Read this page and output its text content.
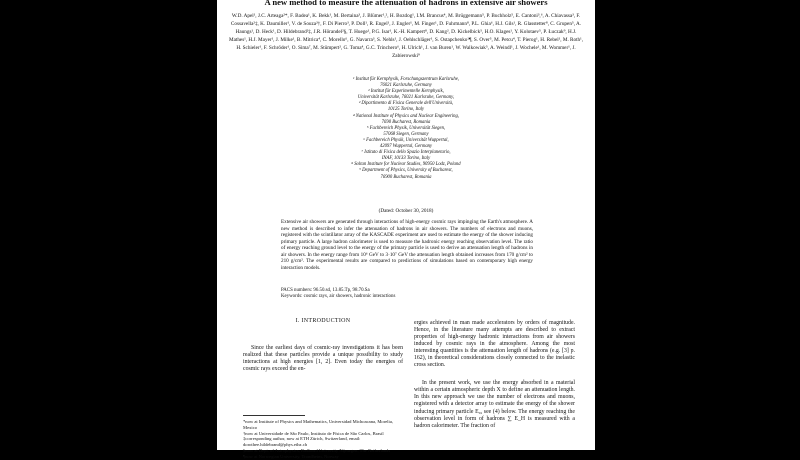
A new method to measure the attenuation of hadrons in extensive air showers
W.D. Apel¹, J.C. Arteaga²*, F. Badea¹, K. Bekk¹, M. Bertaina³, J. Blümer¹,², H. Bozdog¹, I.M. Brancus⁴, M. Brüggemann⁵, P. Buchholz⁵, E. Cantoni³,⁶, A. Chiavassa³, F. Cossavella²‡, K. Daumiller¹, V. de Souza²†, F. Di Pierro³, P. Doll¹, R. Engel¹, J. Engler¹, M. Finger¹, D. Fuhrmann⁸, P.L. Ghia⁶, H.J. Gils¹, R. Glasstetter⁸, C. Grupen⁵, A. Haungs¹, D. Heck¹, D. Hildebrand²‡, J.R. Hörandel²§, T. Huege¹, P.G. Isar¹, K.-H. Kampert⁸, D. Kang², D. Kickelbick⁵, H.O. Klages¹, Y. Kolotaev⁵, P. Łuczak⁹, H.J. Mathes¹, H.J. Mayer¹, J. Milke¹, B. Mitrica⁴, C. Morello⁶, G. Navarra³, S. Nehls¹, J. Oehlschläger¹, S. Ostapchenko¹¶, S. Over⁵, M. Petcu⁴, T. Pierog¹, H. Rebel¹, M. Roth¹, H. Schieler¹, F. Schröder¹, O. Sima⁷, M. Stümpert², G. Toma⁴, G.C. Trinchero⁶, H. Ulrich¹, J. van Buren¹, W. Walkowiak⁵, A. Weindl¹, J. Wochele¹, M. Wommer¹, J. Zabierowski⁹
¹ Institut für Kernphysik, Forschungszentrum Karlsruhe,
76021 Karlsruhe, Germany
² Institut für Experimentelle Kernphysik,
Universität Karlsruhe, 76021 Karlsruhe, Germany,
³ Dipartimento di Fisica Generale dell'Università,
10125 Torino, Italy
⁴ National Institute of Physics and Nuclear Engineering,
7690 Bucharest, Romania
⁵ Fachbereich Physik, Universität Siegen,
57068 Siegen, Germany
⁶ Fachbereich Physik, Universität Wuppertal,
42097 Wuppertal, Germany
⁷ Istituto di Fisica dello Spazio Interplanetario,
INAF, 10133 Torino, Italy
⁸ Soltan Institute for Nuclear Studies, 90950 Lodz, Poland
⁹ Department of Physics, University of Bucharest,
76900 Bucharest, Romania
(Dated: October 30, 2018)
Extensive air showers are generated through interactions of high-energy cosmic rays impinging the Earth's atmosphere. A new method is described to infer the attenuation of hadrons in air showers. The numbers of electrons and muons, registered with the scintillator array of the KASCADE experiment are used to estimate the energy of the shower inducing primary particle. A large hadron calorimeter is used to measure the hadronic energy reaching observation level. The ratio of energy reaching ground level to the energy of the primary particle is used to derive an attenuation length of hadrons in air showers. In the energy range from 10⁶ GeV to 3·10⁷ GeV the attenuation length obtained increases from 170 g/cm² to 210 g/cm². The experimental results are compared to predictions of simulations based on contemporary high energy interaction models.
PACS numbers: 96.50.sd, 13.85.Tp, 98.70.Sa
Keywords: cosmic rays, air showers, hadronic interactions
I. INTRODUCTION
Since the earliest days of cosmic-ray investigations it has been realized that these particles provide a unique possibility to study interactions at high energies [1, 2]. Even today the energies of cosmic rays exceed the en-
*now at Institute of Physics and Mathematics, Universidad Michoacana, Morelia, Mexico
†now at Universidade de São Paulo, Instituto de Física de São Carlos, Brasil
‡corresponding author, now at ETH Zürich, Switzerland, email: dorothee.hildebrand@phys.ethz.ch
§now at Dept. of Astrophysics, Radboud University Nijmegen, The Netherlands
¶now at Norwegian University, Trondheim, Norway

ergies achieved in man made accelerators by orders of magnitude. Hence, in the literature many attempts are described to extract properties of high-energy hadronic interactions from air showers induced by cosmic rays in the atmosphere. Among the most interesting quantities is the attenuation length of hadrons (e.g. [3] p. 162), in theoretical considerations closely connected to the inelastic cross section.

In the present work, we use the energy absorbed in a material within a certain atmospheric depth X to define an attenuation length. In this new approach we use the number of electrons and muons, registered with a detector array to estimate the energy of the shower inducing primary particle E₀, see (4) below. The energy reaching the observation level in form of hadrons ∑ E_H is measured with a hadron calorimeter. The fraction of
